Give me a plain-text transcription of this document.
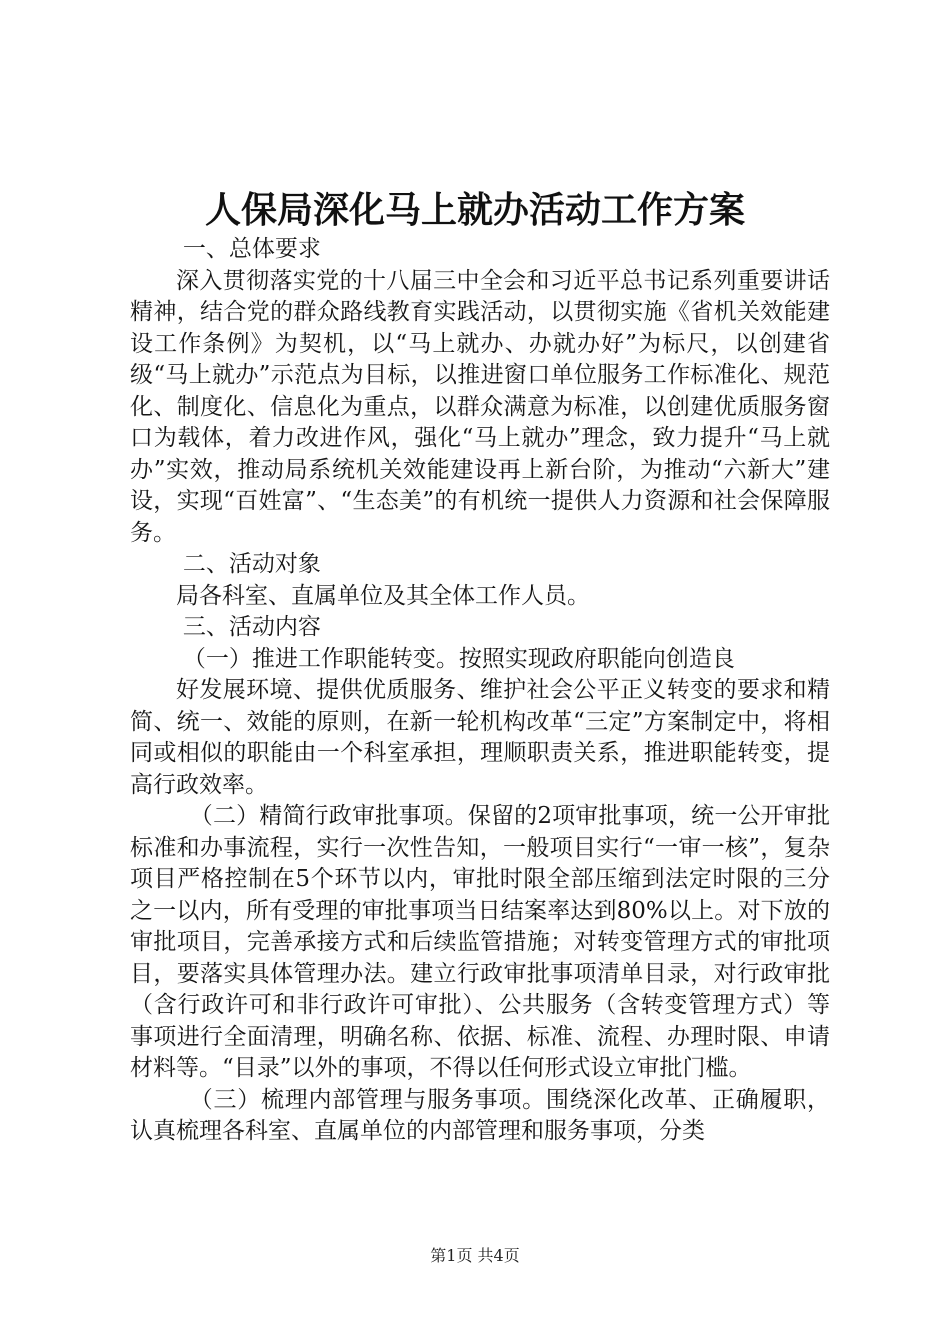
人保局深化马上就办活动工作方案

一、总体要求

深入贯彻落实党的十八届三中全会和习近平总书记系列重要讲话精神，结合党的群众路线教育实践活动，以贯彻实施《省机关效能建设工作条例》为契机，以“马上就办、办就办好”为标尺，以创建省级“马上就办”示范点为目标，以推进窗口单位服务工作标准化、规范化、制度化、信息化为重点，以群众满意为标准，以创建优质服务窗口为载体，着力改进作风，强化“马上就办”理念，致力提升“马上就办”实效，推动局系统机关效能建设再上新台阶，为推动“六新大”建设，实现“百姓富”、“生态美”的有机统一提供人力资源和社会保障服务。

二、活动对象

局各科室、直属单位及其全体工作人员。

三、活动内容

（一）推进工作职能转变。按照实现政府职能向创造良

好发展环境、提供优质服务、维护社会公平正义转变的要求和精简、统一、效能的原则，在新一轮机构改革“三定”方案制定中，将相同或相似的职能由一个科室承担，理顺职责关系，推进职能转变，提高行政效率。

（二）精简行政审批事项。保留的2项审批事项，统一公开审批标准和办事流程，实行一次性告知，一般项目实行“一审一核”，复杂项目严格控制在5个环节以内，审批时限全部压缩到法定时限的三分之一以内，所有受理的审批事项当日结案率达到80%以上。对下放的审批项目，完善承接方式和后续监管措施；对转变管理方式的审批项目，要落实具体管理办法。建立行政审批事项清单目录，对行政审批（含行政许可和非行政许可审批）、公共服务（含转变管理方式）等事项进行全面清理，明确名称、依据、标准、流程、办理时限、申请材料等。“目录”以外的事项，不得以任何形式设立审批门槛。

（三）梳理内部管理与服务事项。围绕深化改革、正确履职，认真梳理各科室、直属单位的内部管理和服务事项，分类

第1页 共4页
